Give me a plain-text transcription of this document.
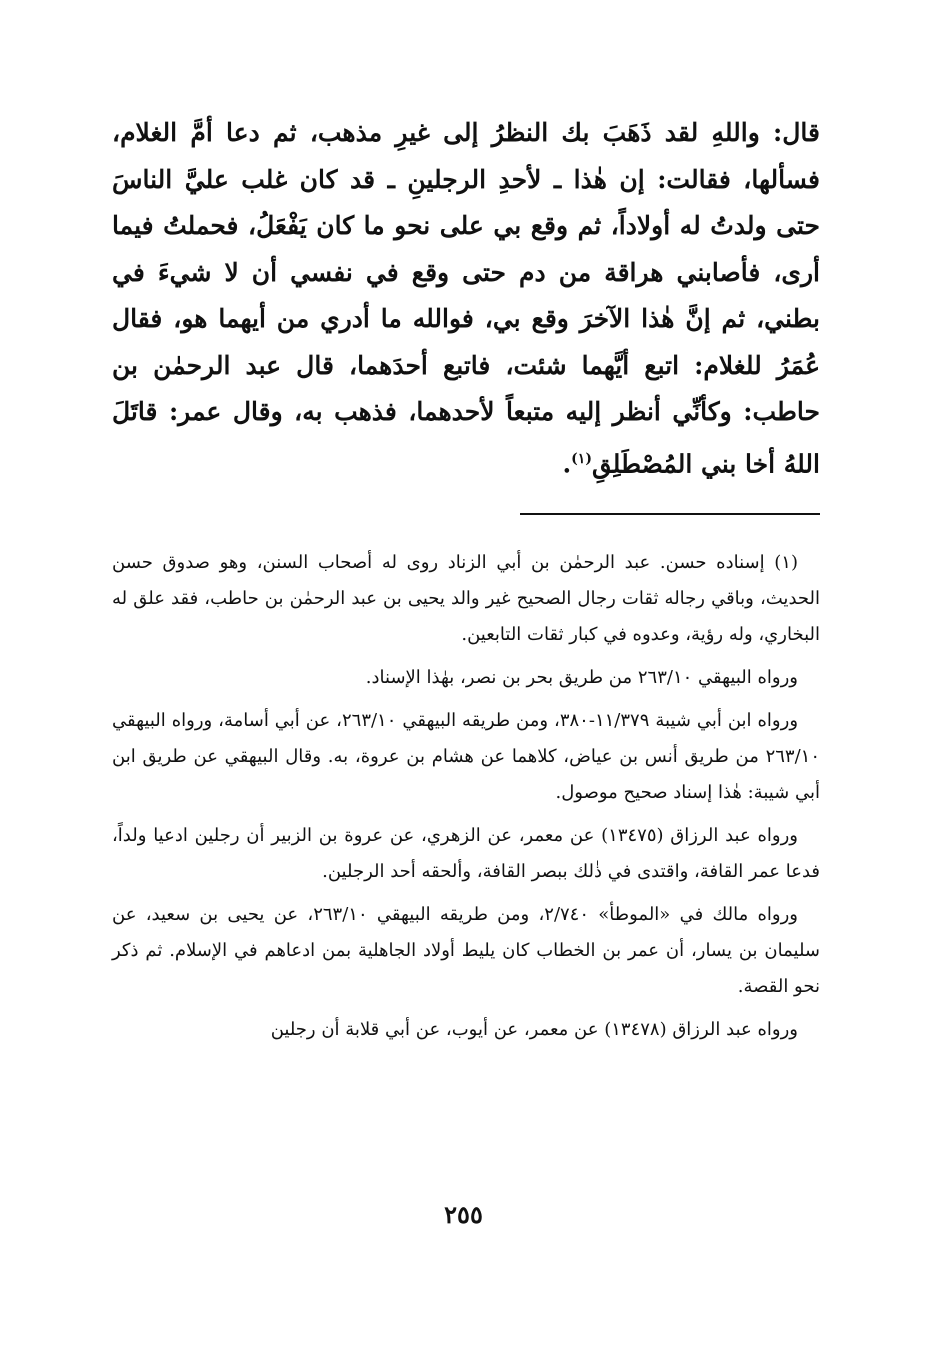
قال: واللهِ لقد ذَهَبَ بك النظرُ إلى غيرِ مذهب، ثم دعا أمَّ الغلام، فسألها، فقالت: إن هٰذا ـ لأحدِ الرجلينِ ـ قد كان غلب عليَّ الناسَ حتى ولدتُ له أولاداً، ثم وقع بي على نحو ما كان يَفْعَلُ، فحملتُ فيما أرى، فأصابني هراقة من دم حتى وقع في نفسي أن لا شيءَ في بطني، ثم إنَّ هٰذا الآخرَ وقع بي، فوالله ما أدري من أيهما هو، فقال عُمَرُ للغلام: اتبع أيَّهما شئت، فاتبع أحدَهما، قال عبد الرحمٰن بن حاطب: وكأنِّي أنظر إليه متبعاً لأحدهما، فذهب به، وقال عمر: قاتَلَ اللهُ أخا بني المُصْطَلِقِ$^{(١)}$.

(١) إسناده حسن. عبد الرحمٰن بن أبي الزناد روى له أصحاب السنن، وهو صدوق حسن الحديث، وباقي رجاله ثقات رجال الصحيح غير والد يحيى بن عبد الرحمٰن بن حاطب، فقد علق له البخاري، وله رؤية، وعدوه في كبار ثقات التابعين.

ورواه البيهقي ٢٦٣/١٠ من طريق بحر بن نصر، بهٰذا الإسناد.

ورواه ابن أبي شيبة ١١/٣٧٩-٣٨٠، ومن طريقه البيهقي ٢٦٣/١٠، عن أبي أسامة، ورواه البيهقي ٢٦٣/١٠ من طريق أنس بن عياض، كلاهما عن هشام بن عروة، به. وقال البيهقي عن طريق ابن أبي شيبة: هٰذا إسناد صحيح موصول.

ورواه عبد الرزاق (١٣٤٧٥) عن معمر، عن الزهري، عن عروة بن الزبير أن رجلين ادعيا ولداً، فدعا عمر القافة، واقتدى في ذٰلك ببصر القافة، وألحقه أحد الرجلين.

ورواه مالك في «الموطأ» ٢/٧٤٠، ومن طريقه البيهقي ٢٦٣/١٠، عن يحيى بن سعيد، عن سليمان بن يسار، أن عمر بن الخطاب كان يليط أولاد الجاهلية بمن ادعاهم في الإسلام. ثم ذكر نحو القصة.

ورواه عبد الرزاق (١٣٤٧٨) عن معمر، عن أيوب، عن أبي قلابة أن رجلين

٢٥٥
